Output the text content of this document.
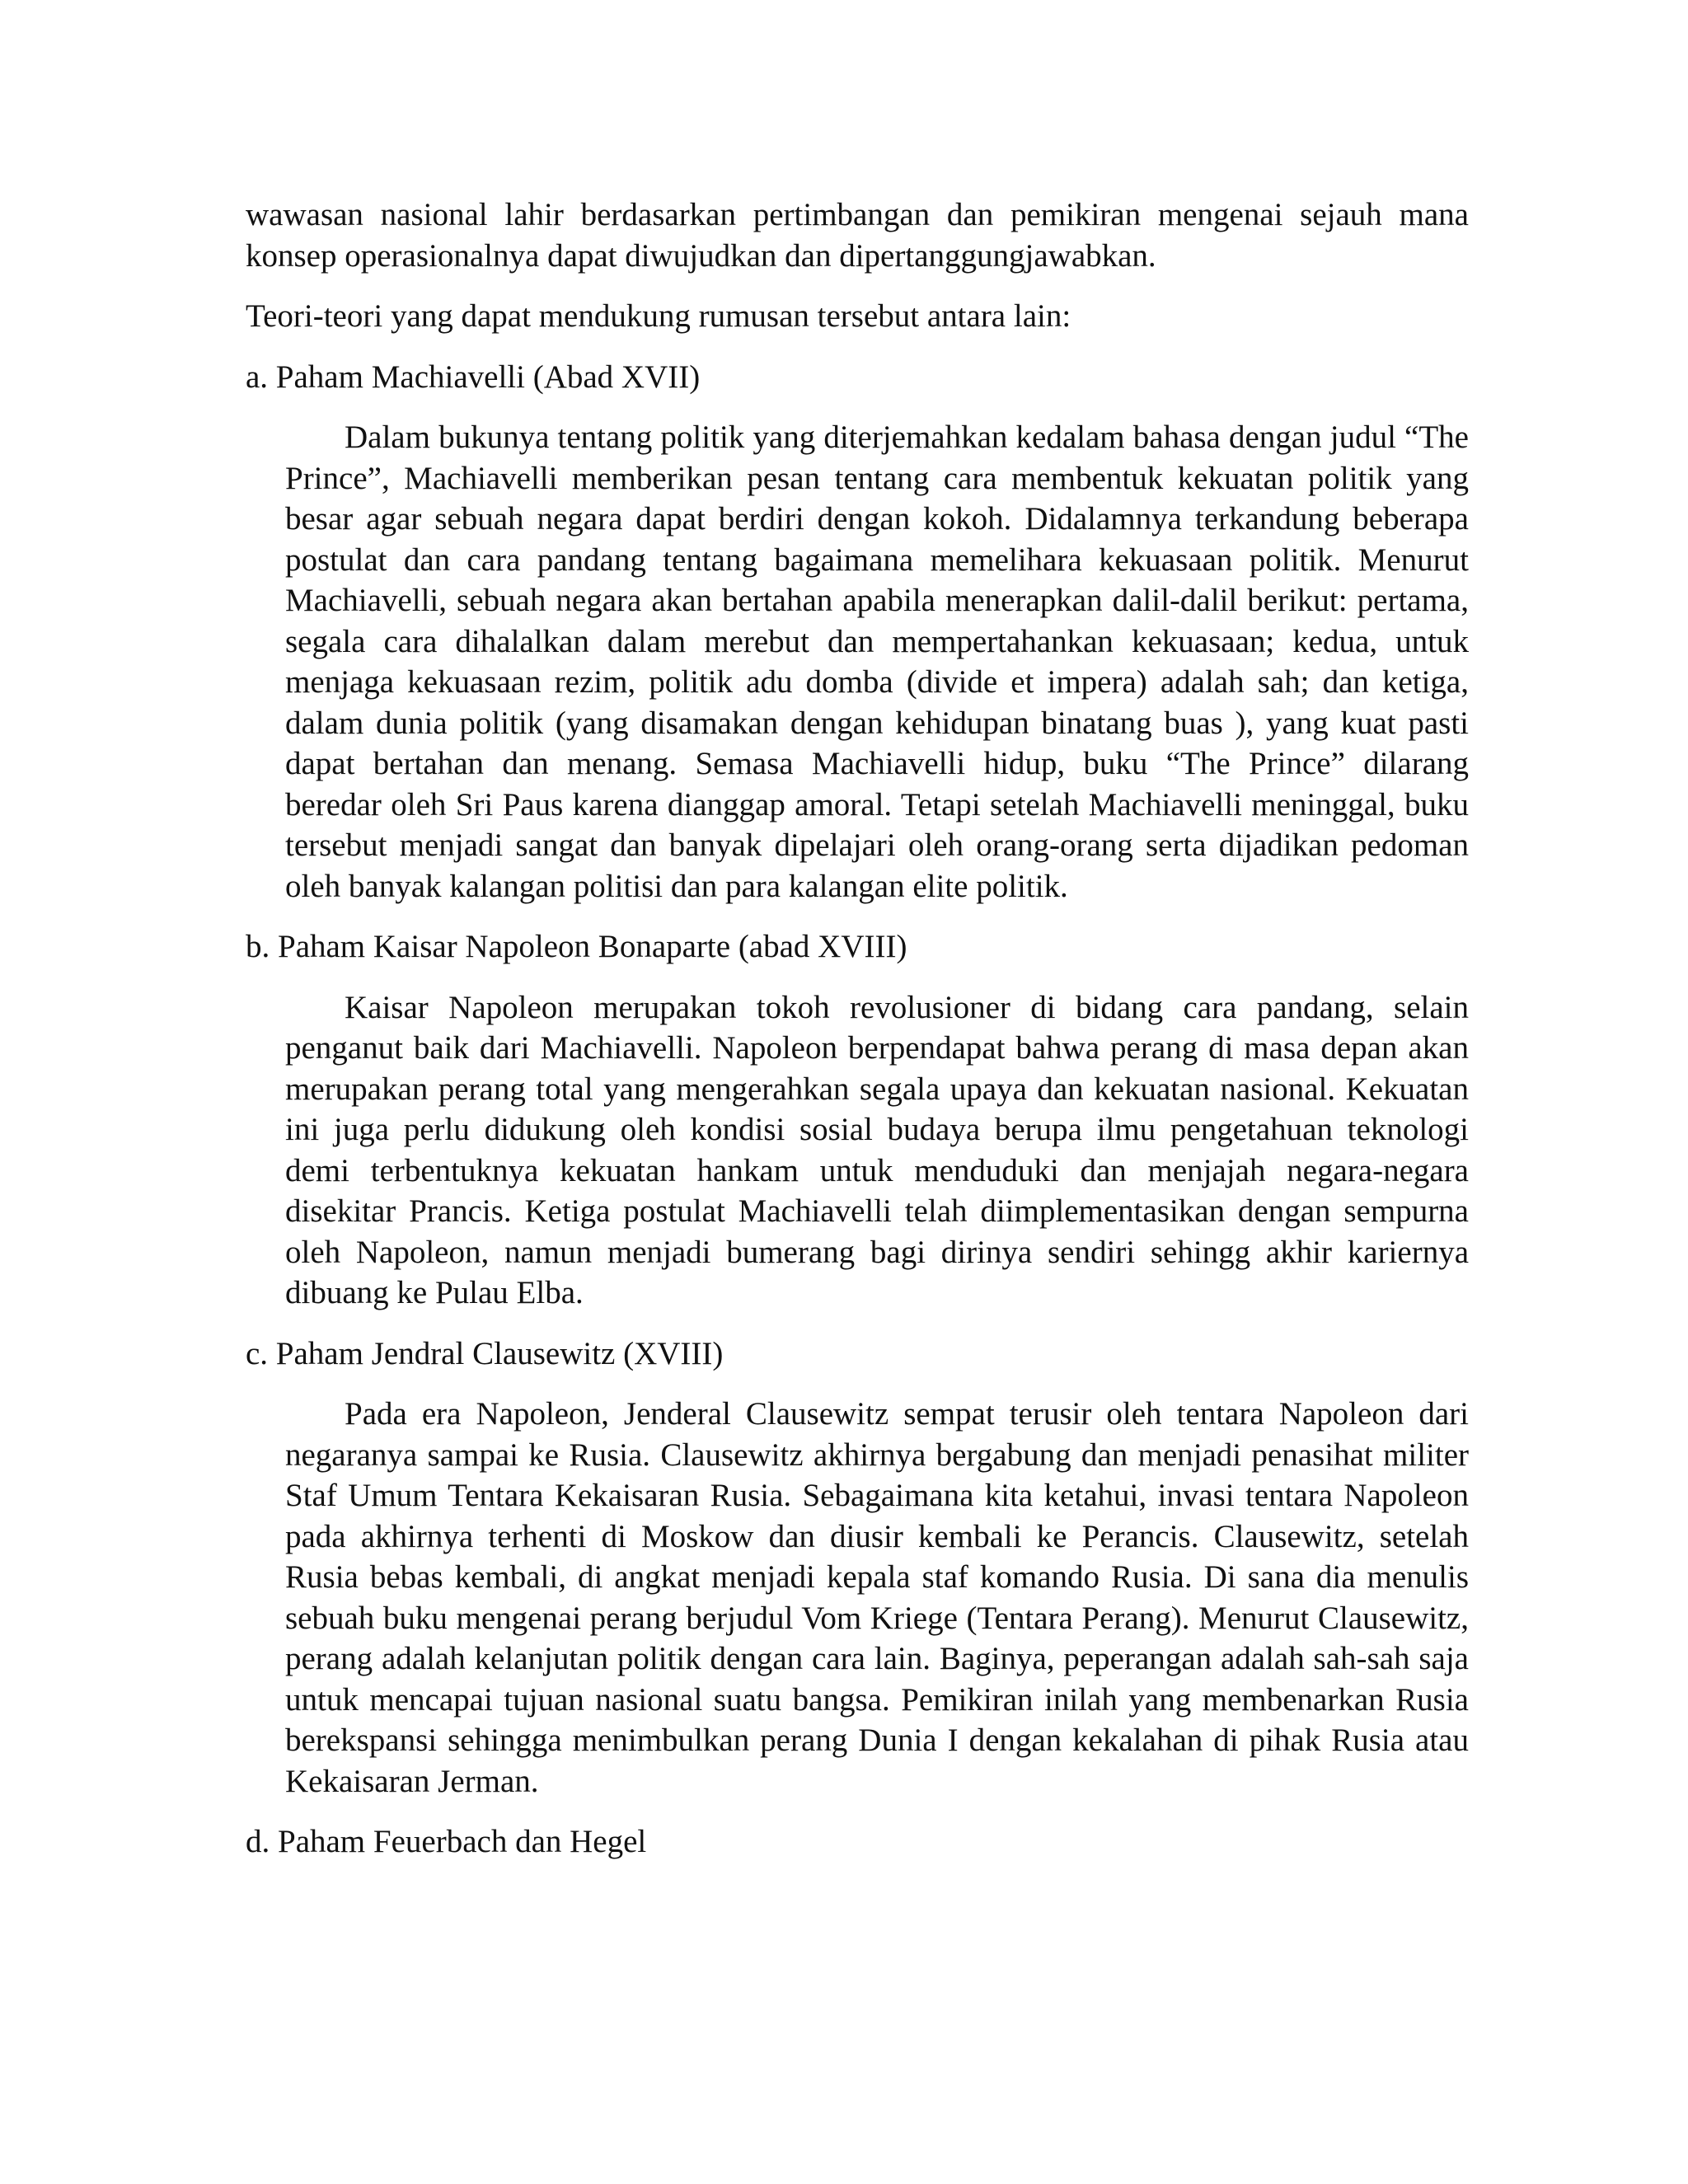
wawasan nasional lahir berdasarkan pertimbangan dan pemikiran mengenai sejauh mana konsep operasionalnya dapat diwujudkan dan dipertanggungjawabkan.

Teori-teori yang dapat mendukung rumusan tersebut antara lain:

a. Paham Machiavelli (Abad XVII)

Dalam bukunya tentang politik yang diterjemahkan kedalam bahasa dengan judul “The Prince”, Machiavelli memberikan pesan tentang cara membentuk kekuatan politik yang besar agar sebuah negara dapat berdiri dengan kokoh. Didalamnya terkandung beberapa postulat dan cara pandang tentang bagaimana memelihara kekuasaan politik. Menurut Machiavelli, sebuah negara akan bertahan apabila menerapkan dalil-dalil berikut: pertama, segala cara dihalalkan dalam merebut dan mempertahankan kekuasaan; kedua, untuk menjaga kekuasaan rezim, politik adu domba (divide et impera) adalah sah; dan ketiga, dalam dunia politik (yang disamakan dengan kehidupan binatang buas ), yang kuat pasti dapat bertahan dan menang. Semasa Machiavelli hidup, buku “The Prince” dilarang beredar oleh Sri Paus karena dianggap amoral. Tetapi setelah Machiavelli meninggal, buku tersebut menjadi sangat dan banyak dipelajari oleh orang-orang serta dijadikan pedoman oleh banyak kalangan politisi dan para kalangan elite politik.

b. Paham Kaisar Napoleon Bonaparte (abad XVIII)

Kaisar Napoleon merupakan tokoh revolusioner di bidang cara pandang, selain penganut baik dari Machiavelli. Napoleon berpendapat bahwa perang di masa depan akan merupakan perang total yang mengerahkan segala upaya dan kekuatan nasional. Kekuatan ini juga perlu didukung oleh kondisi sosial budaya berupa ilmu pengetahuan teknologi demi terbentuknya kekuatan hankam untuk menduduki dan menjajah negara-negara disekitar Prancis. Ketiga postulat Machiavelli telah diimplementasikan dengan sempurna oleh Napoleon, namun menjadi bumerang bagi dirinya sendiri sehingg akhir kariernya dibuang ke Pulau Elba.

c. Paham Jendral Clausewitz (XVIII)

Pada era Napoleon, Jenderal Clausewitz sempat terusir oleh tentara Napoleon dari negaranya sampai ke Rusia. Clausewitz akhirnya bergabung dan menjadi penasihat militer Staf Umum Tentara Kekaisaran Rusia. Sebagaimana kita ketahui, invasi tentara Napoleon pada akhirnya terhenti di Moskow dan diusir kembali ke Perancis. Clausewitz, setelah Rusia bebas kembali, di angkat menjadi kepala staf komando Rusia. Di sana dia menulis sebuah buku mengenai perang berjudul Vom Kriege (Tentara Perang). Menurut Clausewitz, perang adalah kelanjutan politik dengan cara lain. Baginya, peperangan adalah sah-sah saja untuk mencapai tujuan nasional suatu bangsa. Pemikiran inilah yang membenarkan Rusia berekspansi sehingga menimbulkan perang Dunia I dengan kekalahan di pihak Rusia atau Kekaisaran Jerman.

d. Paham Feuerbach dan Hegel
